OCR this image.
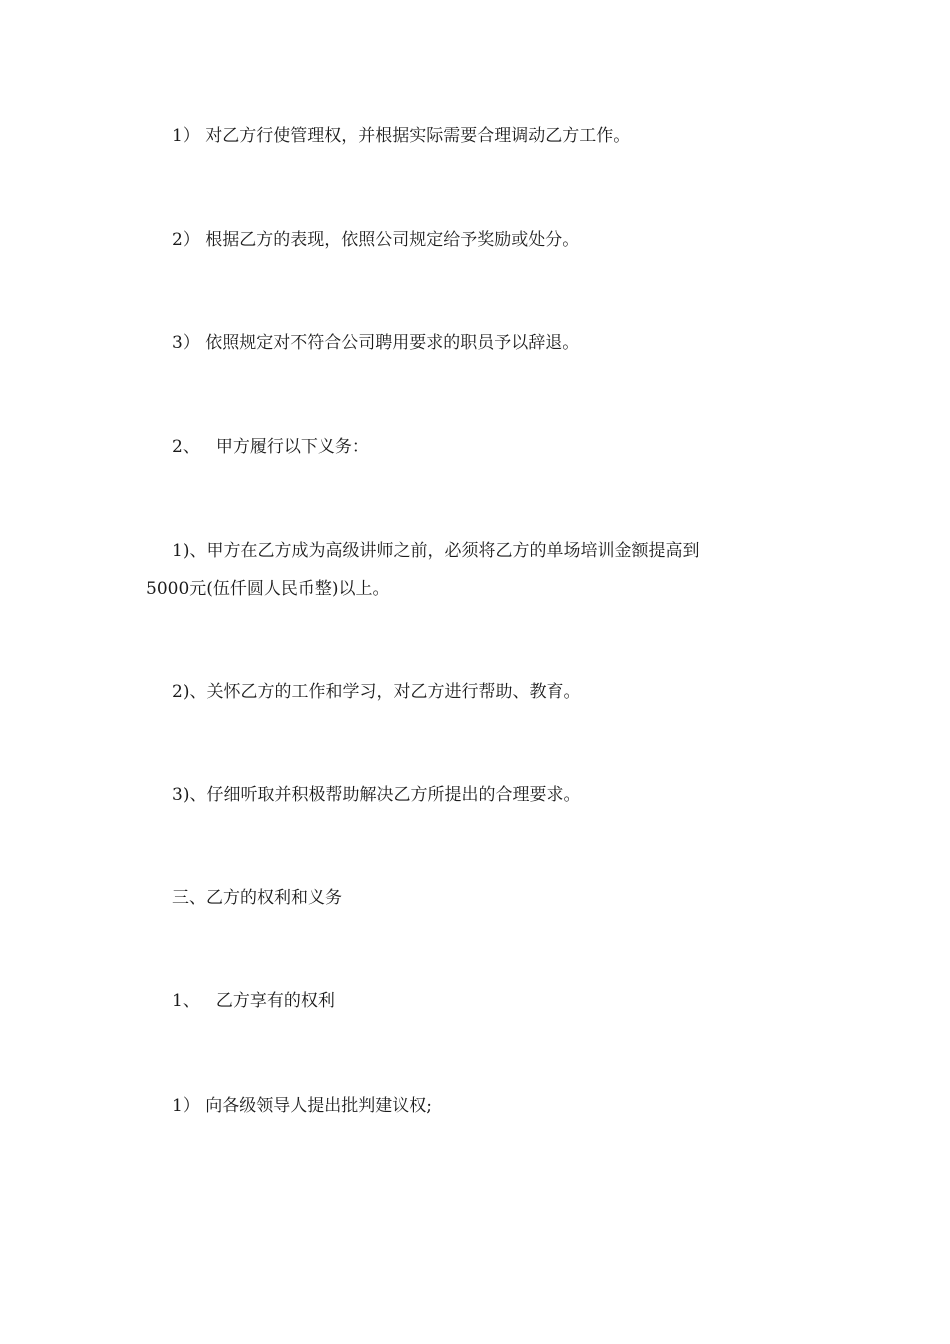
1） 对乙方行使管理权，并根据实际需要合理调动乙方工作。
2） 根据乙方的表现，依照公司规定给予奖励或处分。
3） 依照规定对不符合公司聘用要求的职员予以辞退。
2、 甲方履行以下义务：
1)、甲方在乙方成为高级讲师之前，必须将乙方的单场培训金额提高到
5000元(伍仟圆人民币整)以上。
2)、关怀乙方的工作和学习，对乙方进行帮助、教育。
3)、仔细听取并积极帮助解决乙方所提出的合理要求。
三、乙方的权利和义务
1、 乙方享有的权利
1） 向各级领导人提出批判建议权;
